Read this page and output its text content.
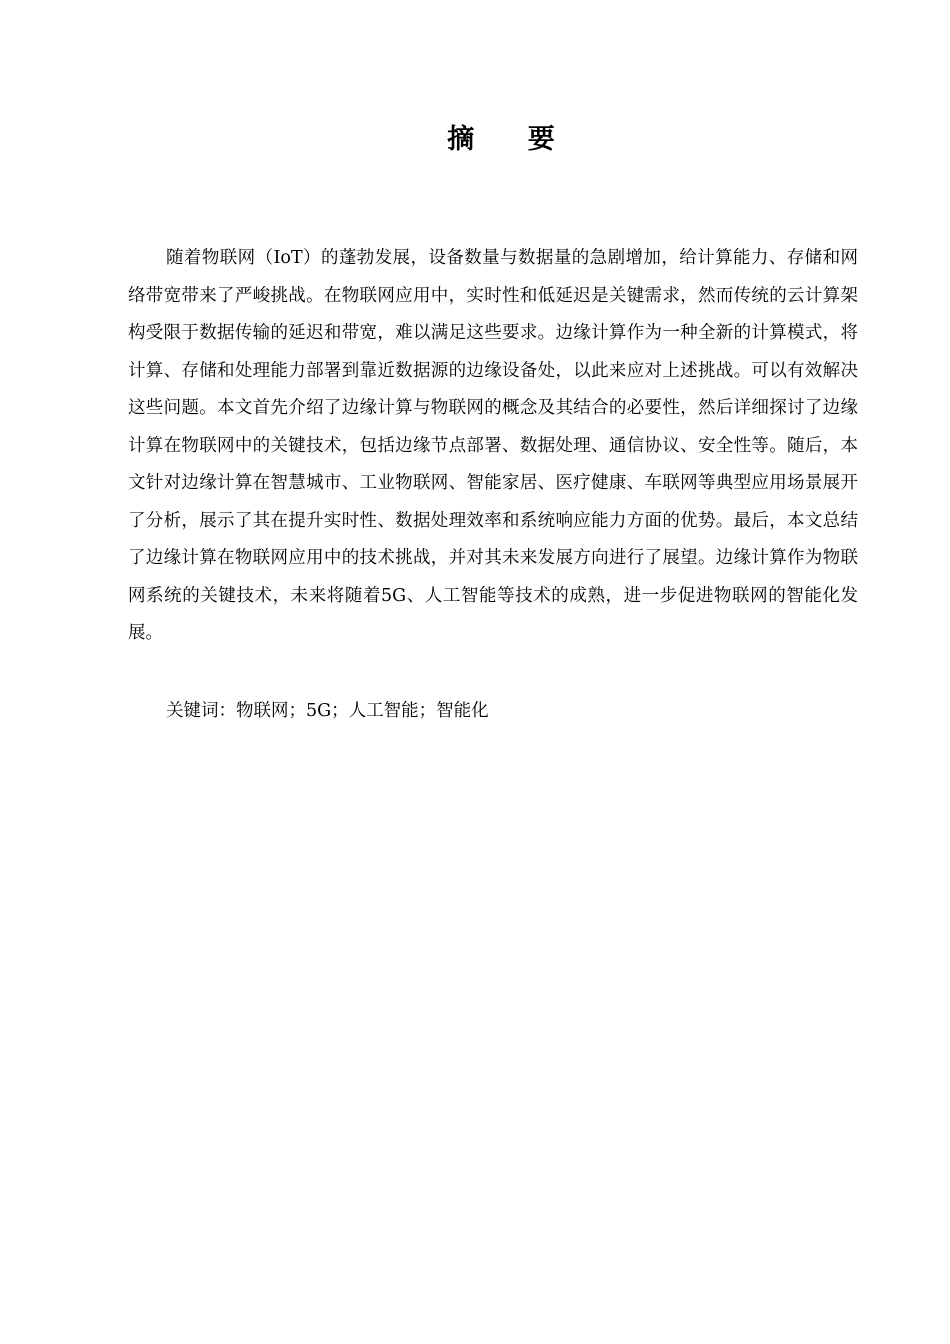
摘 要

随着物联网（IoT）的蓬勃发展，设备数量与数据量的急剧增加，给计算能力、存储和网络带宽带来了严峻挑战。在物联网应用中，实时性和低延迟是关键需求，然而传统的云计算架构受限于数据传输的延迟和带宽，难以满足这些要求。边缘计算作为一种全新的计算模式，将计算、存储和处理能力部署到靠近数据源的边缘设备处，以此来应对上述挑战。可以有效解决这些问题。本文首先介绍了边缘计算与物联网的概念及其结合的必要性，然后详细探讨了边缘计算在物联网中的关键技术，包括边缘节点部署、数据处理、通信协议、安全性等。随后，本文针对边缘计算在智慧城市、工业物联网、智能家居、医疗健康、车联网等典型应用场景展开了分析，展示了其在提升实时性、数据处理效率和系统响应能力方面的优势。最后，本文总结了边缘计算在物联网应用中的技术挑战，并对其未来发展方向进行了展望。边缘计算作为物联网系统的关键技术，未来将随着5G、人工智能等技术的成熟，进一步促进物联网的智能化发展。

关键词：物联网；5G；人工智能；智能化
